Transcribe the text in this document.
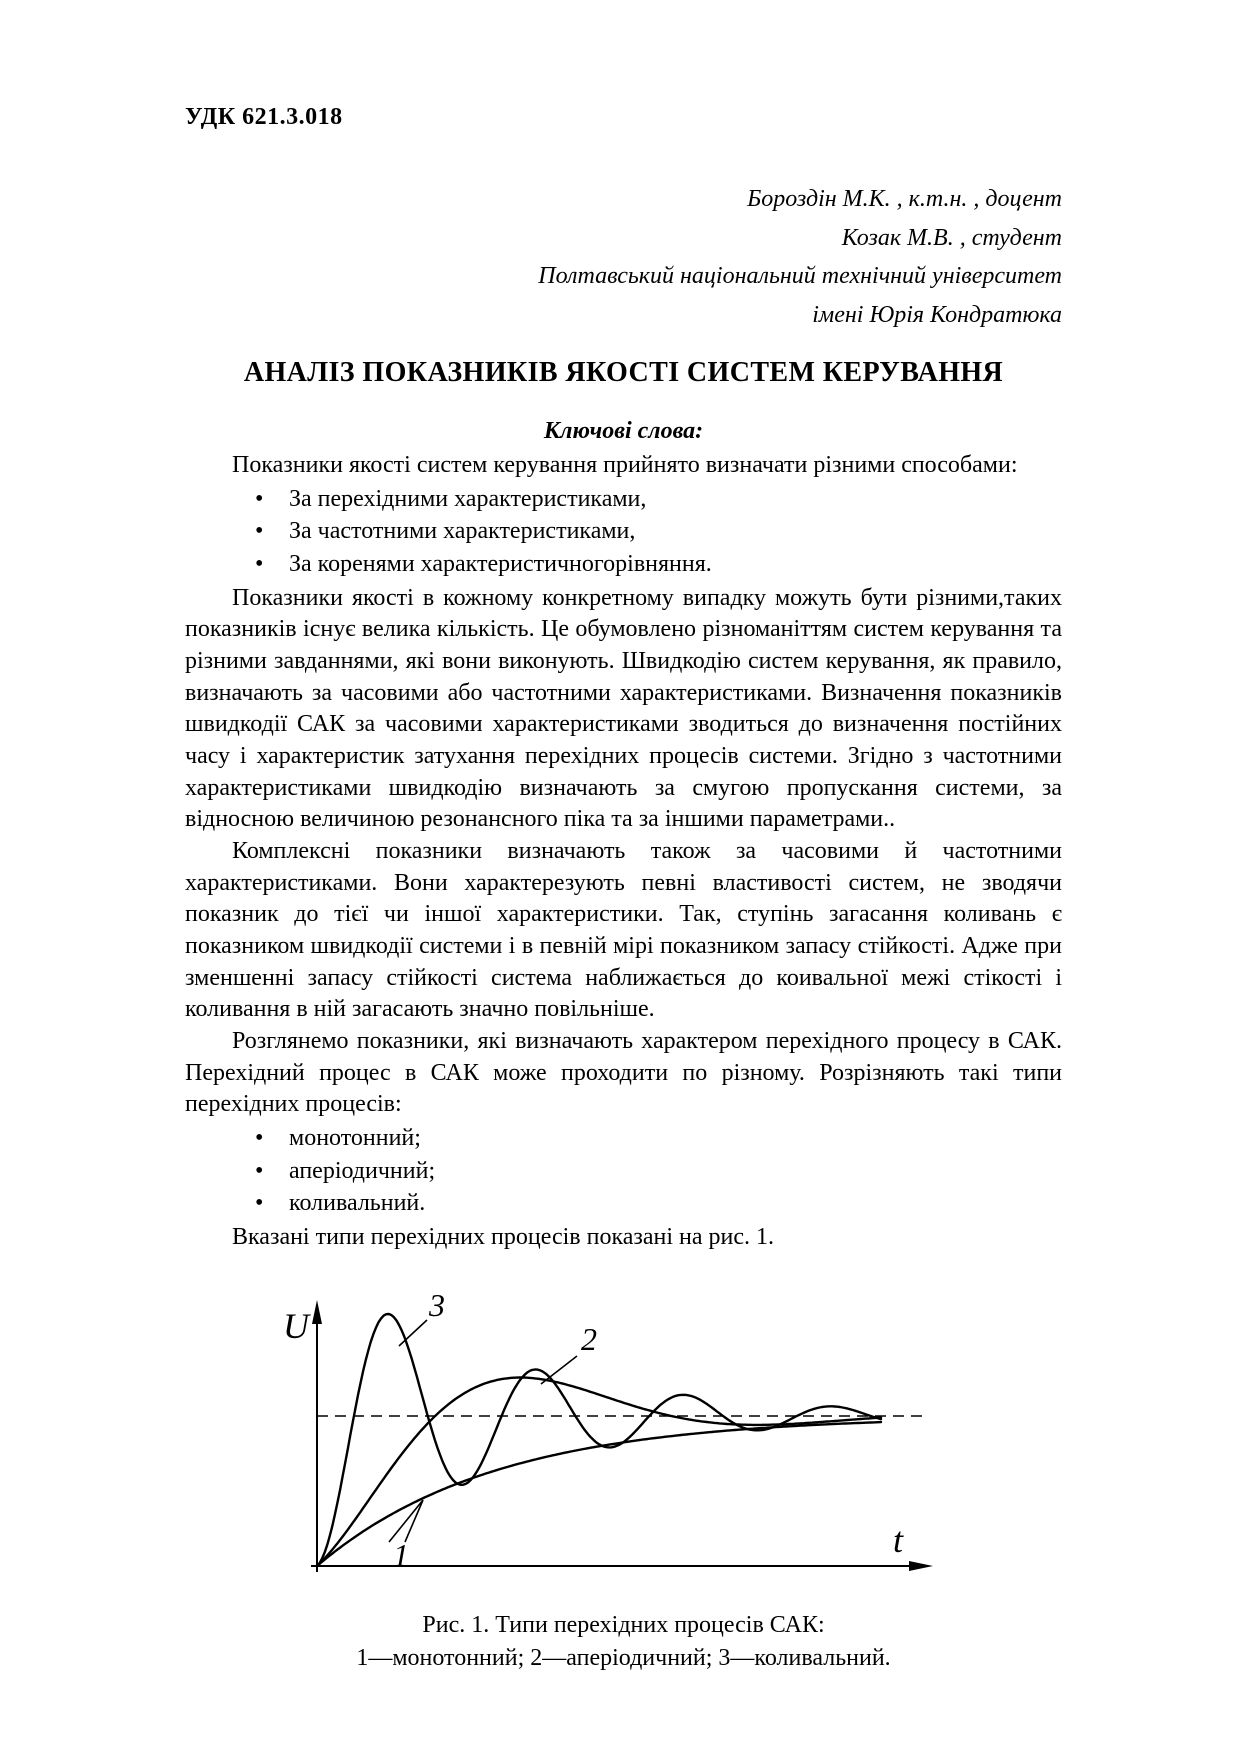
УДК 621.3.018
Бороздін М.К. , к.т.н. , доцент
Козак М.В. , студент
Полтавський національний технічний університет
імені Юрія Кондратюка
АНАЛІЗ ПОКАЗНИКІВ ЯКОСТІ СИСТЕМ КЕРУВАННЯ
Ключові слова:

Показники якості систем керування прийнято визначати різними способами:

• За перехідними характеристиками,
• За частотними характеристиками,
• За коренями характеристичногорівняння.

Показники якості в кожному конкретному випадку можуть бути різними,таких показників існує велика кількість. Це обумовлено різноманіттям систем керування та різними завданнями, які вони виконують. Швидкодію систем керування, як правило, визначають за часовими або частотними характеристиками. Визначення показників швидкодії САК за часовими характеристиками зводиться до визначення постійних часу і характеристик затухання перехідних процесів системи. Згідно з частотними характеристиками швидкодію визначають за смугою пропускання системи, за відносною величиною резонансного піка та за іншими параметрами..

Комплексні показники визначають також за часовими й частотними характеристиками. Вони характерезують певні властивості систем, не зводячи показник до тієї чи іншої характеристики. Так, ступінь загасання коливань є показником швидкодії системи і в певній мірі показником запасу стійкості. Адже при зменшенні запасу стійкості система наближається до коивальної межі стікості і коливання в ній загасають значно повільніше.

Розглянемо показники, які визначають характером перехідного процесу в САК. Перехідний процес в САК може проходити по різному. Розрізняють такі типи перехідних процесів:

• монотонний;
• аперіодичний;
• коливальний.

Вказані типи перехідних процесів показані на рис. 1.

U
t
3
2
1
Рис. 1. Типи перехідних процесів САК:
1—монотонний; 2—аперіодичний; 3—коливальний.
